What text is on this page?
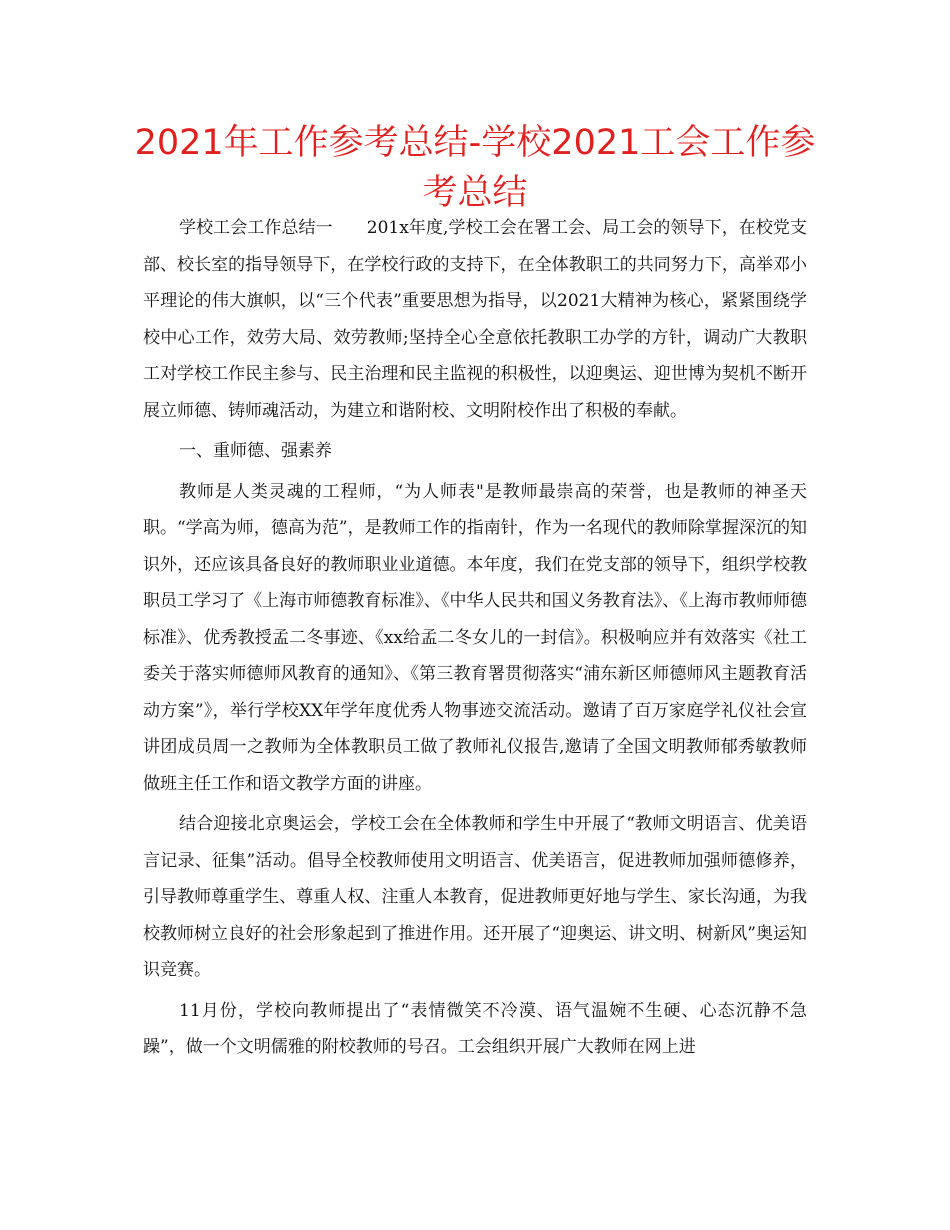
2021年工作参考总结-学校2021工会工作参考总结

学校工会工作总结一　　201x年度,学校工会在署工会、局工会的领导下，在校党支部、校长室的指导领导下，在学校行政的支持下，在全体教职工的共同努力下，高举邓小平理论的伟大旗帜，以“三个代表”重要思想为指导，以2021大精神为核心，紧紧围绕学校中心工作，效劳大局、效劳教师;坚持全心全意依托教职工办学的方针，调动广大教职工对学校工作民主参与、民主治理和民主监视的积极性，以迎奥运、迎世博为契机不断开展立师德、铸师魂活动，为建立和谐附校、文明附校作出了积极的奉献。

一、重师德、强素养

教师是人类灵魂的工程师，“为人师表"是教师最崇高的荣誉，也是教师的神圣天职。“学高为师，德高为范”，是教师工作的指南针，作为一名现代的教师除掌握深沉的知识外，还应该具备良好的教师职业业道德。本年度，我们在党支部的领导下，组织学校教职员工学习了《上海市师德教育标准》、《中华人民共和国义务教育法》、《上海市教师师德标准》、优秀教授孟二冬事迹、《xx给孟二冬女儿的一封信》。积极响应并有效落实《社工委关于落实师德师风教育的通知》、《第三教育署贯彻落实“浦东新区师德师风主题教育活动方案”》，举行学校XX年学年度优秀人物事迹交流活动。邀请了百万家庭学礼仪社会宣讲团成员周一之教师为全体教职员工做了教师礼仪报告,邀请了全国文明教师郁秀敏教师做班主任工作和语文教学方面的讲座。

结合迎接北京奥运会，学校工会在全体教师和学生中开展了“教师文明语言、优美语言记录、征集”活动。倡导全校教师使用文明语言、优美语言，促进教师加强师德修养，引导教师尊重学生、尊重人权、注重人本教育，促进教师更好地与学生、家长沟通，为我校教师树立良好的社会形象起到了推进作用。还开展了“迎奥运、讲文明、树新风”奥运知识竞赛。

11月份，学校向教师提出了“表情微笑不冷漠、语气温婉不生硬、心态沉静不急躁”，做一个文明儒雅的附校教师的号召。工会组织开展广大教师在网上进
